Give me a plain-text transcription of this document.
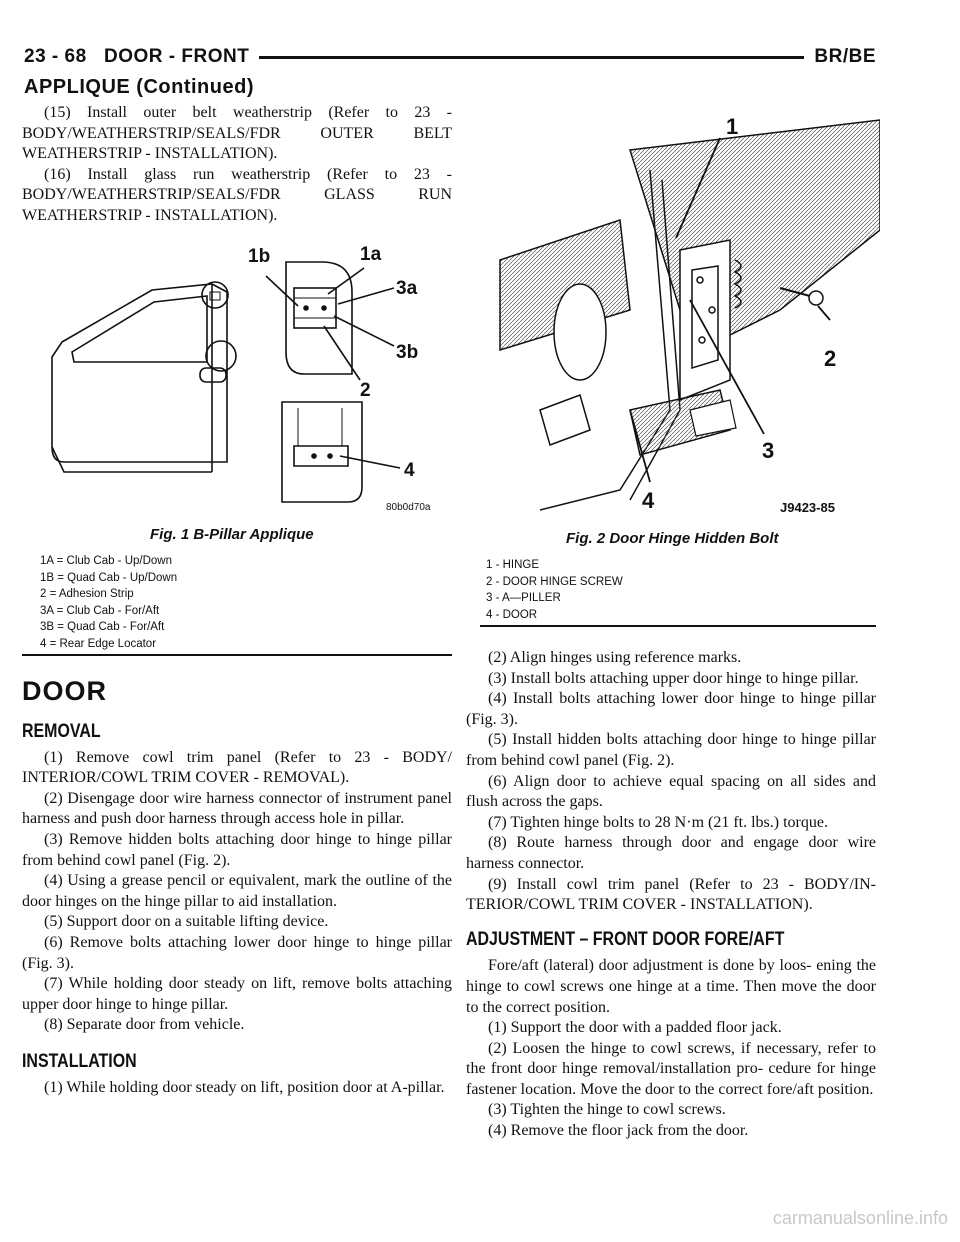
23 - 68 DOOR - FRONT	BR/BE
APPLIQUE (Continued)

(15) Install outer belt weatherstrip (Refer to 23 - BODY/WEATHERSTRIP/SEALS/FDR OUTER BELT WEATHERSTRIP - INSTALLATION).

(16) Install glass run weatherstrip (Refer to 23 - BODY/WEATHERSTRIP/SEALS/FDR GLASS RUN WEATHERSTRIP - INSTALLATION).

1b	1a
3a
3b
2
4
80b0d70a
Fig. 1 B-Pillar Applique
1A = Club Cab - Up/Down
1B = Quad Cab - Up/Down
2 = Adhesion Strip
3A = Club Cab - For/Aft
3B = Quad Cab - For/Aft
4 = Rear Edge Locator
1
2
3
4	J9423-85
Fig. 2 Door Hinge Hidden Bolt
1 - HINGE
2 - DOOR HINGE SCREW
3 - A—PILLER
4 - DOOR
DOOR
REMOVAL

(1) Remove cowl trim panel (Refer to 23 - BODY/ INTERIOR/COWL TRIM COVER - REMOVAL).

(2) Disengage door wire harness connector of instrument panel harness and push door harness through access hole in pillar.

(3) Remove hidden bolts attaching door hinge to hinge pillar from behind cowl panel (Fig. 2).

(4) Using a grease pencil or equivalent, mark the outline of the door hinges on the hinge pillar to aid installation.

(5) Support door on a suitable lifting device.

(6) Remove bolts attaching lower door hinge to hinge pillar (Fig. 3).

(7) While holding door steady on lift, remove bolts attaching upper door hinge to hinge pillar.

(8) Separate door from vehicle.

INSTALLATION

(1) While holding door steady on lift, position door at A-pillar.

(2) Align hinges using reference marks.

(3) Install bolts attaching upper door hinge to hinge pillar.

(4) Install bolts attaching lower door hinge to hinge pillar (Fig. 3).

(5) Install hidden bolts attaching door hinge to hinge pillar from behind cowl panel (Fig. 2).

(6) Align door to achieve equal spacing on all sides and flush across the gaps.

(7) Tighten hinge bolts to 28 N·m (21 ft. lbs.) torque.

(8) Route harness through door and engage door wire harness connector.

(9) Install cowl trim panel (Refer to 23 - BODY/IN- TERIOR/COWL TRIM COVER - INSTALLATION).

ADJUSTMENT – FRONT DOOR FORE/AFT

Fore/aft (lateral) door adjustment is done by loos- ening the hinge to cowl screws one hinge at a time. Then move the door to the correct position.

(1) Support the door with a padded floor jack.

(2) Loosen the hinge to cowl screws, if necessary, refer to the front door hinge removal/installation pro- cedure for hinge fastener location. Move the door to the correct fore/aft position.

(3) Tighten the hinge to cowl screws.

(4) Remove the floor jack from the door.

carmanualsonline.info
